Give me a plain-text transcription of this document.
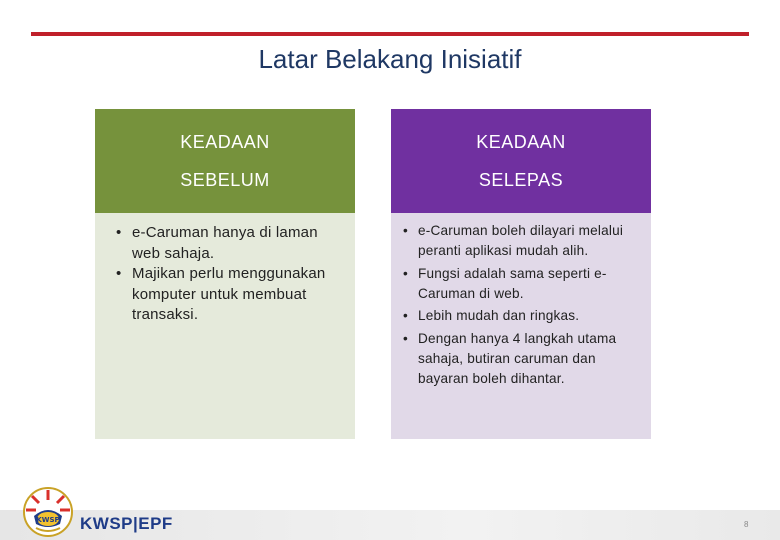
Latar Belakang Inisiatif
KEADAAN
SEBELUM
• e-Caruman hanya di laman web sahaja.
• Majikan perlu menggunakan komputer untuk membuat transaksi.
KEADAAN
SELEPAS
• e-Caruman boleh dilayari melalui peranti aplikasi mudah alih.
• Fungsi adalah sama seperti e-Caruman di web.
• Lebih mudah dan ringkas.
• Dengan hanya 4 langkah utama sahaja, butiran caruman dan bayaran boleh dihantar.
KWSP KWSP|EPF	8
